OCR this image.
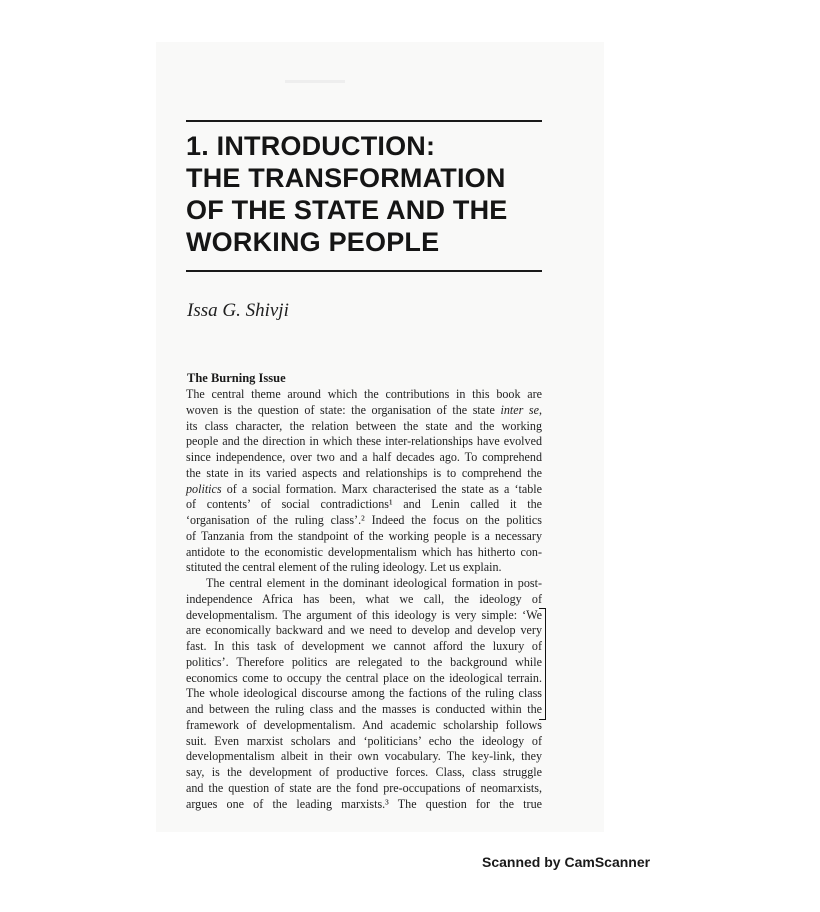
1. INTRODUCTION:
THE TRANSFORMATION
OF THE STATE AND THE
WORKING PEOPLE
Issa G. Shivji
The Burning Issue
The central theme around which the contributions in this book are
woven is the question of state: the organisation of the state inter se,
its class character, the relation between the state and the working
people and the direction in which these inter-relationships have evolved
since independence, over two and a half decades ago. To comprehend
the state in its varied aspects and relationships is to comprehend the
politics of a social formation. Marx characterised the state as a ‘table
of contents’ of social contradictions¹ and Lenin called it the
‘organisation of the ruling class’.² Indeed the focus on the politics
of Tanzania from the standpoint of the working people is a necessary
antidote to the economistic developmentalism which has hitherto con-
stituted the central element of the ruling ideology. Let us explain.
The central element in the dominant ideological formation in post-
independence Africa has been, what we call, the ideology of
developmentalism. The argument of this ideology is very simple: ‘We
are economically backward and we need to develop and develop very
fast. In this task of development we cannot afford the luxury of
politics’. Therefore politics are relegated to the background while
economics come to occupy the central place on the ideological terrain.
The whole ideological discourse among the factions of the ruling class
and between the ruling class and the masses is conducted within the
framework of developmentalism. And academic scholarship follows
suit. Even marxist scholars and ‘politicians’ echo the ideology of
developmentalism albeit in their own vocabulary. The key-link, they
say, is the development of productive forces. Class, class struggle
and the question of state are the fond pre-occupations of neomarxists,
argues one of the leading marxists.³ The question for the true
Scanned by CamScanner
